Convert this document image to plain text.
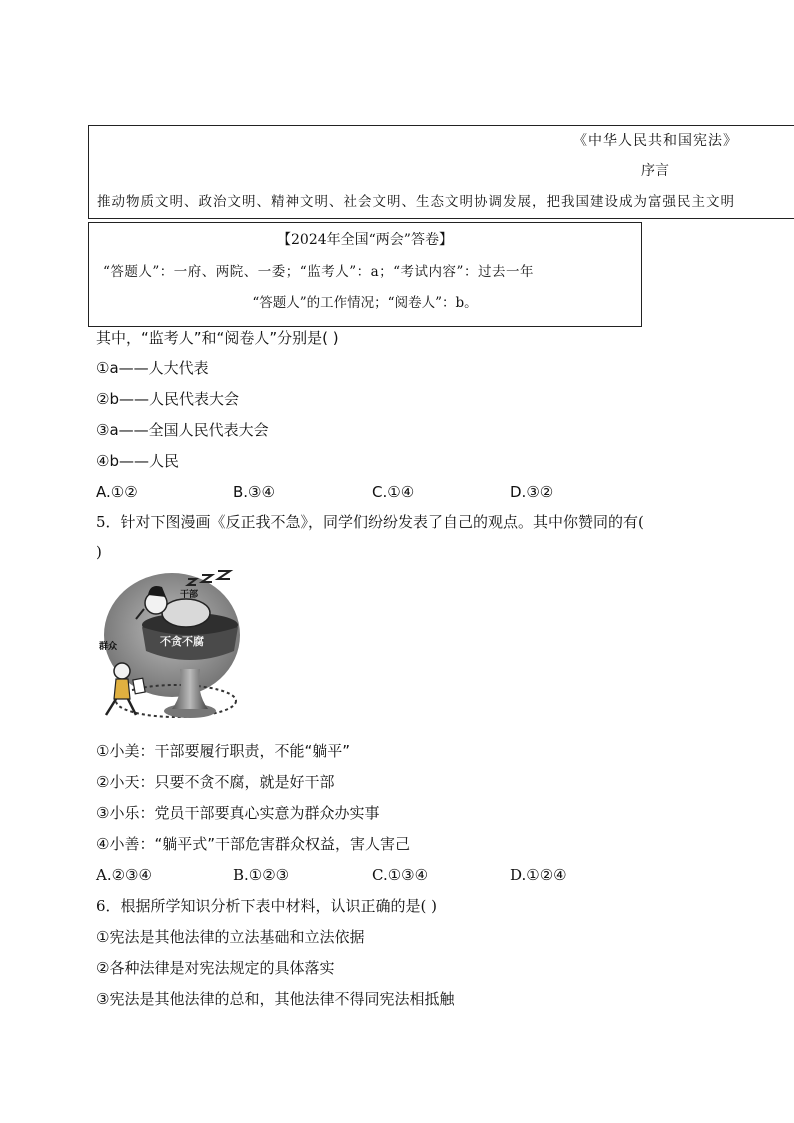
《中华人民共和国宪法》
序言
推动物质文明、政治文明、精神文明、社会文明、生态文明协调发展，把我国建设成为富强民主文明
【2024年全国“两会”答卷】
“答题人”：一府、两院、一委；“监考人”：a；“考试内容”：过去一年
“答题人”的工作情况；“阅卷人”：b。
其中，“监考人”和“阅卷人”分别是( )
①a——人大代表
②b——人民代表大会
③a——全国人民代表大会
④b——人民
A.①②	B.③④	C.①④	D.③②
5．针对下图漫画《反正我不急》，同学们纷纷发表了自己的观点。其中你赞同的有(
)
干部
群众	不贪不腐
①小美：干部要履行职责，不能“躺平”
②小天：只要不贪不腐，就是好干部
③小乐：党员干部要真心实意为群众办实事
④小善：“躺平式”干部危害群众权益，害人害己
A.②③④	B.①②③	C.①③④	D.①②④
6．根据所学知识分析下表中材料，认识正确的是( )
①宪法是其他法律的立法基础和立法依据
②各种法律是对宪法规定的具体落实
③宪法是其他法律的总和，其他法律不得同宪法相抵触
